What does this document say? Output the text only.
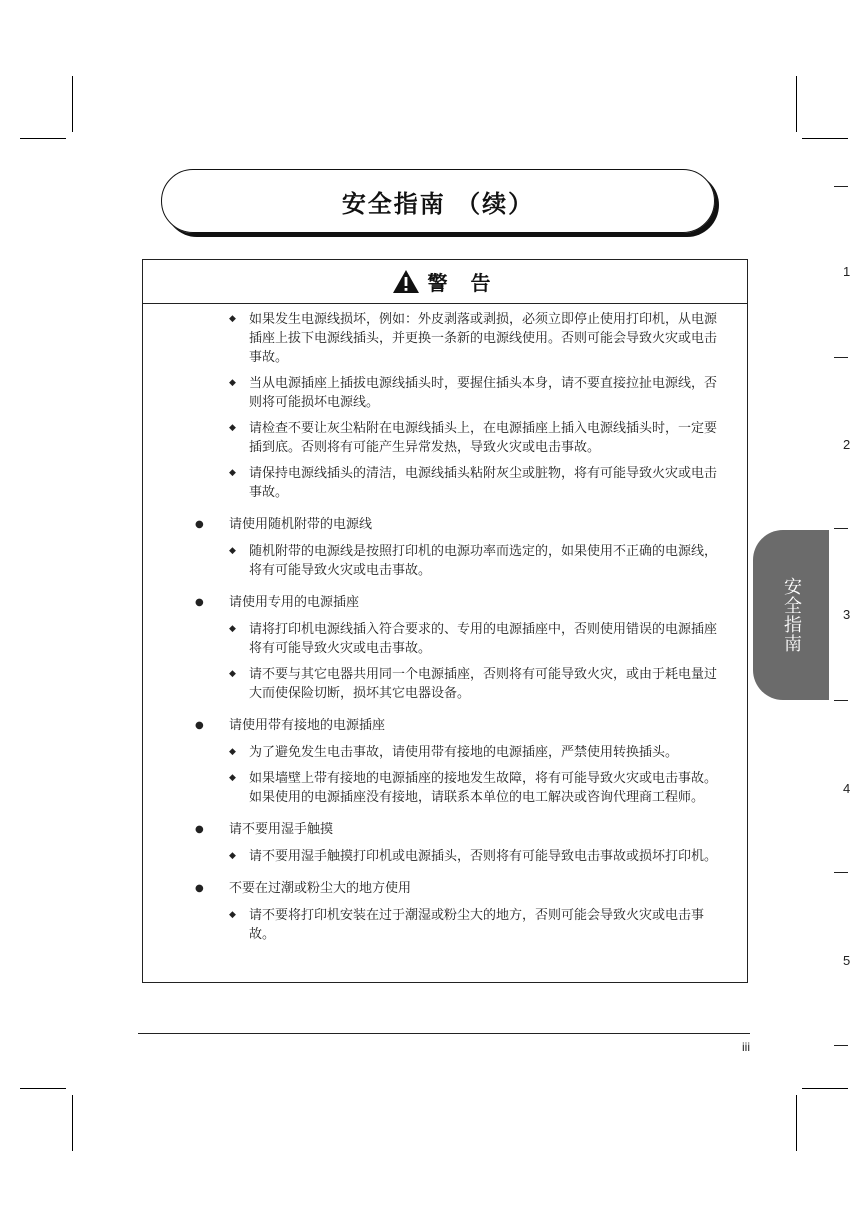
安全指南 （续）
警 告
◆ 如果发生电源线损坏，例如：外皮剥落或剥损，必须立即停止使用打印机，从电源插座上拔下电源线插头，并更换一条新的电源线使用。否则可能会导致火灾或电击事故。
◆ 当从电源插座上插拔电源线插头时，要握住插头本身，请不要直接拉扯电源线，否则将可能损坏电源线。
◆ 请检查不要让灰尘粘附在电源线插头上，在电源插座上插入电源线插头时，一定要插到底。否则将有可能产生异常发热，导致火灾或电击事故。
◆ 请保持电源线插头的清洁，电源线插头粘附灰尘或脏物，将有可能导致火灾或电击事故。
● 请使用随机附带的电源线
◆ 随机附带的电源线是按照打印机的电源功率而选定的，如果使用不正确的电源线，将有可能导致火灾或电击事故。
● 请使用专用的电源插座
◆ 请将打印机电源线插入符合要求的、专用的电源插座中，否则使用错误的电源插座将有可能导致火灾或电击事故。
◆ 请不要与其它电器共用同一个电源插座，否则将有可能导致火灾，或由于耗电量过大而使保险切断，损坏其它电器设备。
● 请使用带有接地的电源插座
◆ 为了避免发生电击事故，请使用带有接地的电源插座，严禁使用转换插头。
◆ 如果墙壁上带有接地的电源插座的接地发生故障，将有可能导致火灾或电击事故。如果使用的电源插座没有接地，请联系本单位的电工解决或咨询代理商工程师。
● 请不要用湿手触摸
◆ 请不要用湿手触摸打印机或电源插头，否则将有可能导致电击事故或损坏打印机。
● 不要在过潮或粉尘大的地方使用
◆ 请不要将打印机安装在过于潮湿或粉尘大的地方，否则可能会导致火灾或电击事故。
安全指南
1
2
3
4
5
iii
